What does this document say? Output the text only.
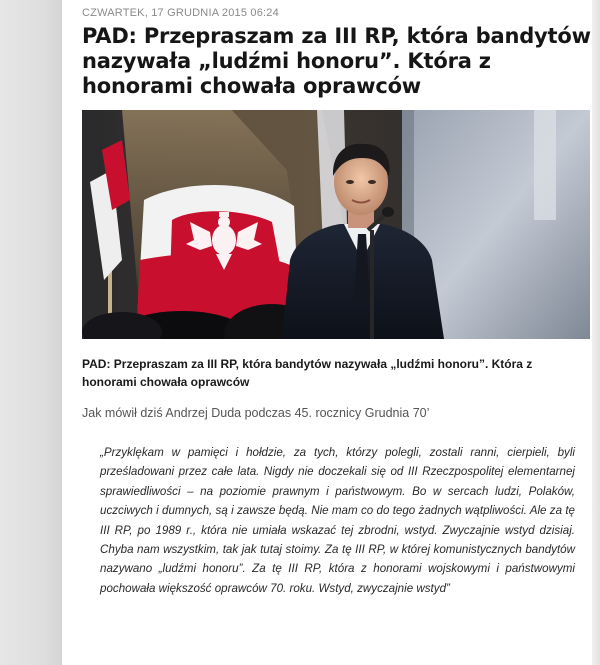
CZWARTEK, 17 GRUDNIA 2015 06:24
PAD: Przepraszam za III RP, która bandytów nazywała „ludźmi honoru”. Która z honorami chowała oprawców
PAD: Przepraszam za III RP, która bandytów nazywała „ludźmi honoru”. Która z honorami chowała oprawców
Jak mówił dziś Andrzej Duda podczas 45. rocznicy Grudnia 70’
„Przyklękam w pamięci i hołdzie, za tych, którzy polegli, zostali ranni, cierpieli, byli prześladowani przez całe lata. Nigdy nie doczekali się od III Rzeczpospolitej elementarnej sprawiedliwości – na poziomie prawnym i państwowym. Bo w sercach ludzi, Polaków, uczciwych i dumnych, są i zawsze będą. Nie mam co do tego żadnych wątpliwości. Ale za tę III RP, po 1989 r., która nie umiała wskazać tej zbrodni, wstyd. Zwyczajnie wstyd dzisiaj. Chyba nam wszystkim, tak jak tutaj stoimy. Za tę III RP, w której komunistycznych bandytów nazywano „ludźmi honoru”. Za tę III RP, która z honorami wojskowymi i państwowymi pochowała większość oprawców 70. roku. Wstyd, zwyczajnie wstyd”
